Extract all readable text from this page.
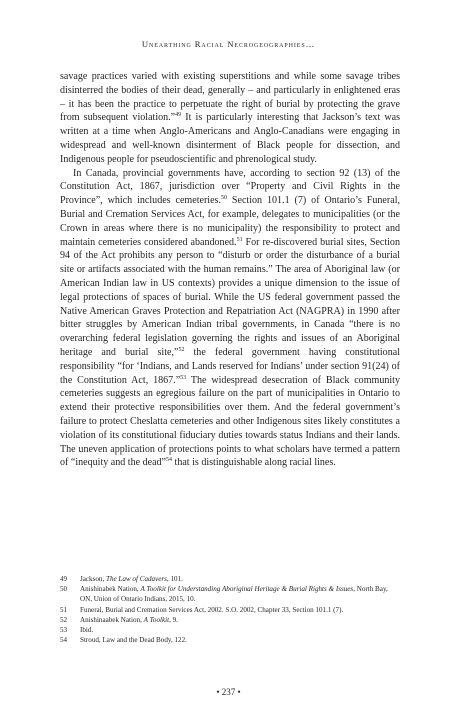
Unearthing Racial Necrogeographies…

savage practices varied with existing superstitions and while some savage tribes disinterred the bodies of their dead, generally – and particularly in enlightened eras – it has been the practice to perpetuate the right of burial by protecting the grave from subsequent violation.”$^{49}$ It is particularly interesting that Jackson’s text was written at a time when Anglo-Americans and Anglo-Canadians were engaging in widespread and well-known disinterment of Black people for dissection, and Indigenous people for pseudoscientific and phrenological study.

In Canada, provincial governments have, according to section 92 (13) of the Constitution Act, 1867, jurisdiction over “Property and Civil Rights in the Province”, which includes cemeteries.$^{50}$ Section 101.1 (7) of Ontario’s Funeral, Burial and Cremation Services Act, for example, delegates to municipalities (or the Crown in areas where there is no municipality) the responsibility to protect and maintain cemeteries considered abandoned.$^{51}$ For re-discovered burial sites, Section 94 of the Act prohibits any person to “disturb or order the disturbance of a burial site or artifacts associated with the human remains.” The area of Aboriginal law (or American Indian law in US contexts) provides a unique dimension to the issue of legal protections of spaces of burial. While the US federal government passed the Native American Graves Protection and Repatriation Act (NAGPRA) in 1990 after bitter struggles by American Indian tribal governments, in Canada “there is no overarching federal legislation governing the rights and issues of an Aboriginal heritage and burial site,”$^{52}$ the federal government having constitutional responsibility “for ‘Indians, and Lands reserved for Indians’ under section 91(24) of the Constitution Act, 1867.”$^{53}$ The widespread desecration of Black community cemeteries suggests an egregious failure on the part of municipalities in Ontario to extend their protective responsibilities over them. And the federal government’s failure to protect Cheslatta cemeteries and other Indigenous sites likely constitutes a violation of its constitutional fiduciary duties towards status Indians and their lands. The uneven application of protections points to what scholars have termed a pattern of “inequity and the dead”$^{54}$ that is distinguishable along racial lines.

49	Jackson, The Law of Cadavers, 101.
50	Anishinabek Nation, A Toolkit for Understanding Aboriginal Heritage & Burial Rights & Issues, North Bay, ON, Union of Ontario Indians, 2015, 10.
51	Funeral, Burial and Cremation Services Act, 2002. S.O. 2002, Chapter 33, Section 101.1 (7).
52	Anishinaabek Nation, A Toolkit, 9.
53	Ibid.
54	Stroud, Law and the Dead Body, 122.
• 237 •
